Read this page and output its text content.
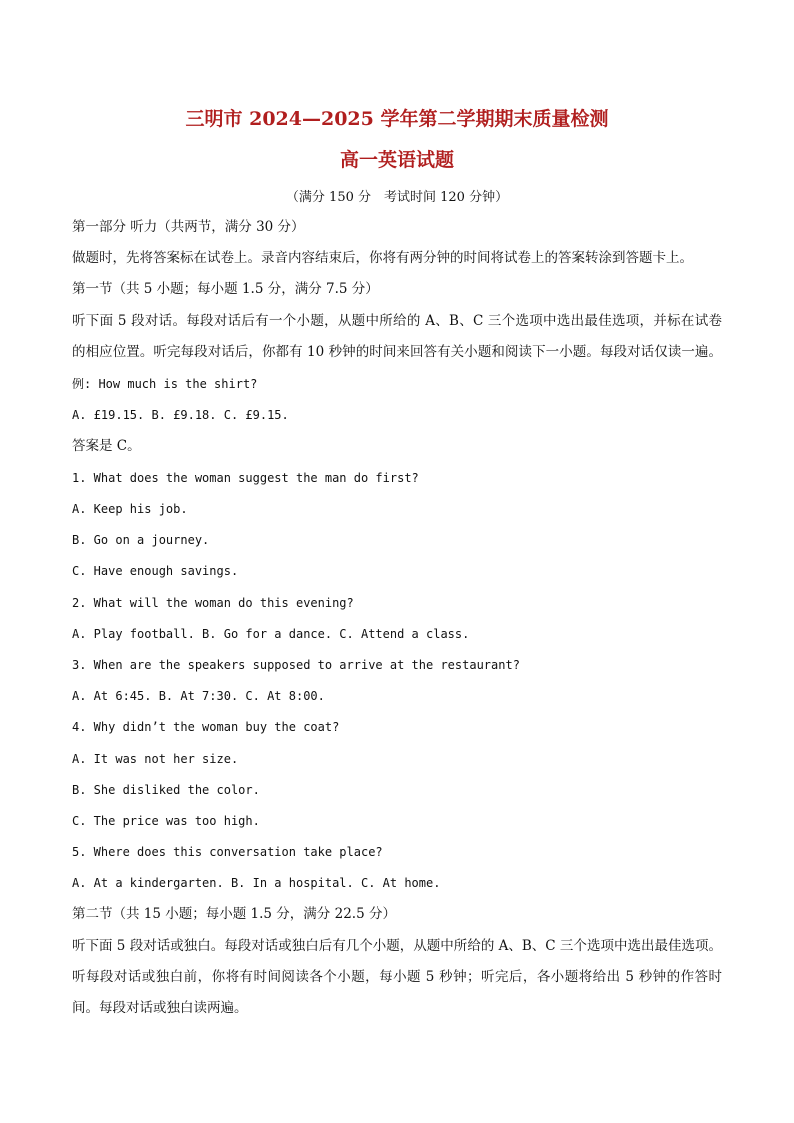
三明市 2024—2025 学年第二学期期末质量检测
高一英语试题
（满分 150 分　考试时间 120 分钟）
第一部分 听力（共两节，满分 30 分）
做题时，先将答案标在试卷上。录音内容结束后，你将有两分钟的时间将试卷上的答案转涂到答题卡上。
第一节（共 5 小题；每小题 1.5 分，满分 7.5 分）
听下面 5 段对话。每段对话后有一个小题，从题中所给的 A、B、C 三个选项中选出最佳选项，并标在试卷
的相应位置。听完每段对话后，你都有 10 秒钟的时间来回答有关小题和阅读下一小题。每段对话仅读一遍。
例: How much is the shirt?
A. £19.15. B. £9.18. C. £9.15.
答案是 C。
1. What does the woman suggest the man do first?
A. Keep his job.
B. Go on a journey.
C. Have enough savings.
2. What will the woman do this evening?
A. Play football. B. Go for a dance. C. Attend a class.
3. When are the speakers supposed to arrive at the restaurant?
A. At 6:45. B. At 7:30. C. At 8:00.
4. Why didn’t the woman buy the coat?
A. It was not her size.
B. She disliked the color.
C. The price was too high.
5. Where does this conversation take place?
A. At a kindergarten. B. In a hospital. C. At home.
第二节（共 15 小题；每小题 1.5 分，满分 22.5 分）
听下面 5 段对话或独白。每段对话或独白后有几个小题，从题中所给的 A、B、C 三个选项中选出最佳选项。
听每段对话或独白前，你将有时间阅读各个小题，每小题 5 秒钟；听完后，各小题将给出 5 秒钟的作答时
间。每段对话或独白读两遍。
